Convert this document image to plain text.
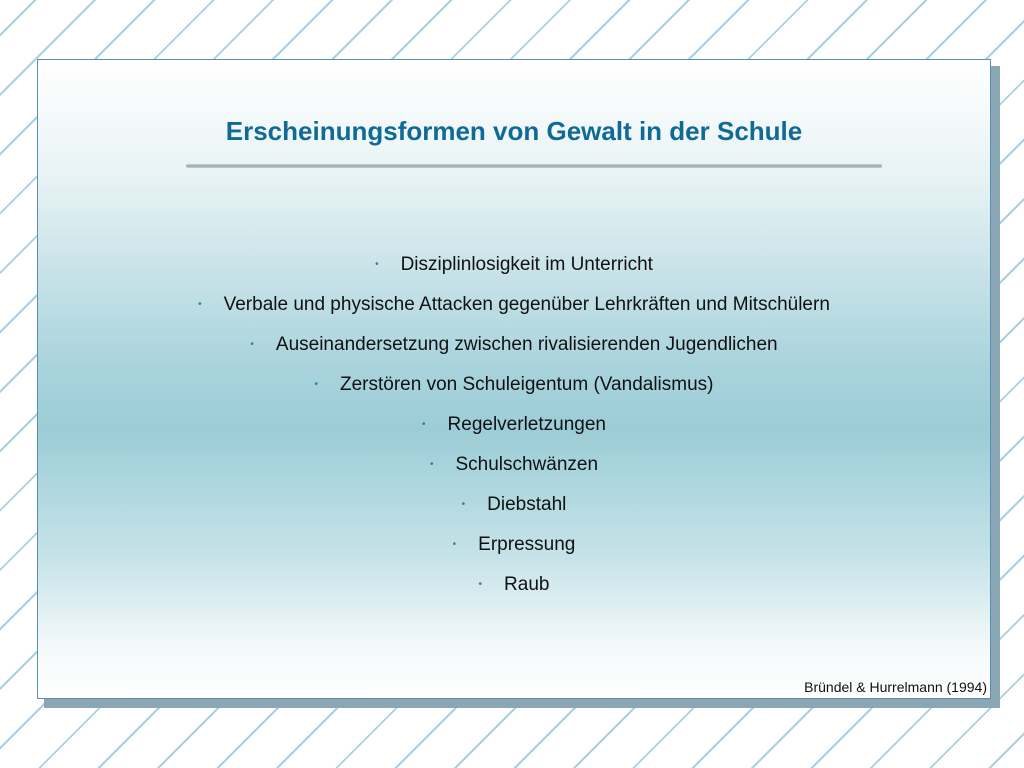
Erscheinungsformen von Gewalt in der Schule
• Disziplinlosigkeit im Unterricht
• Verbale und physische Attacken gegenüber Lehrkräften und Mitschülern
• Auseinandersetzung zwischen rivalisierenden Jugendlichen
• Zerstören von Schuleigentum (Vandalismus)
• Regelverletzungen
• Schulschwänzen
• Diebstahl
• Erpressung
• Raub
Bründel & Hurrelmann (1994)
